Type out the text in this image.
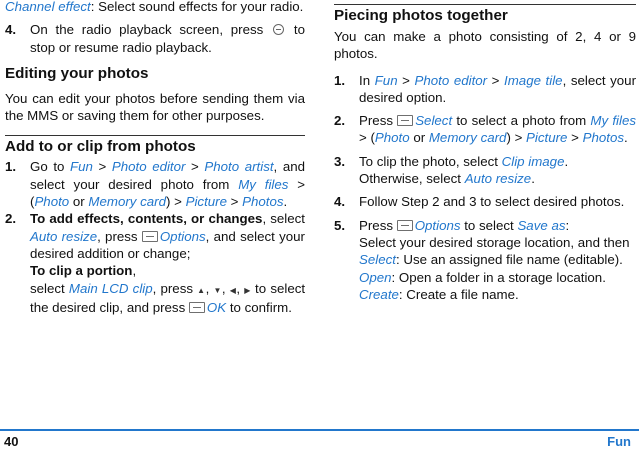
Channel effect: Select sound effects for your radio.

4. On the radio playback screen, press to stop or resume radio playback.

Editing your photos

You can edit your photos before sending them via the MMS or saving them for other purposes.

Add to or clip from photos

1. Go to Fun > Photo editor > Photo artist, and select your desired photo from My files > (Photo or Memory card) > Picture > Photos.
2. To add effects, contents, or changes, select Auto resize, press Options, and select your desired addition or change;
To clip a portion,
select Main LCD clip, press ▲, ▼, ◀, ▶ to select the desired clip, and press OK to confirm.

Piecing photos together

You can make a photo consisting of 2, 4 or 9 photos.

1. In Fun > Photo editor > Image tile, select your desired option.
2. Press Select to select a photo from My files > (Photo or Memory card) > Picture > Photos.
3. To clip the photo, select Clip image.
Otherwise, select Auto resize.
4. Follow Step 2 and 3 to select desired photos.
5. Press Options to select Save as:
Select your desired storage location, and then
Select: Use an assigned file name (editable).
Open: Open a folder in a storage location.
Create: Create a file name.
40	Fun
